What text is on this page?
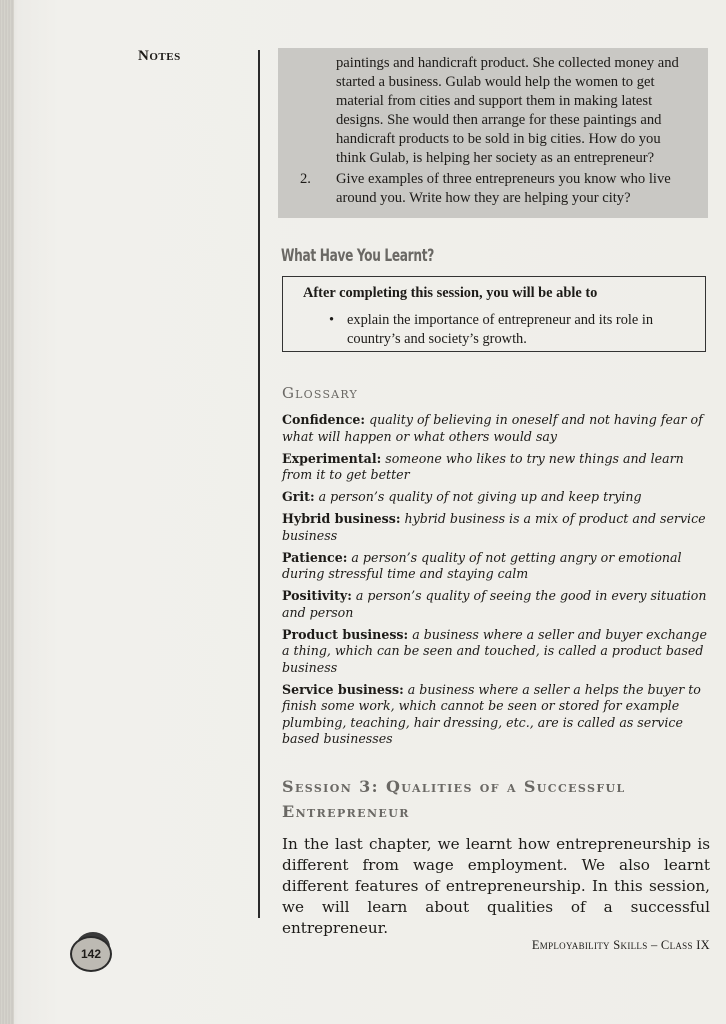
Notes	paintings and handicraft product. She collected money and started a business. Gulab would help the women to get material from cities and support them in making latest designs. She would then arrange for these paintings and handicraft products to be sold in big cities. How do you think Gulab, is helping her society as an entrepreneur?
2.	Give examples of three entrepreneurs you know who live around you. Write how they are helping your city?
What Have You Learnt?
After completing this session, you will be able to
• explain the importance of entrepreneur and its role in country’s and society’s growth.
Glossary
Confidence: quality of believing in oneself and not having fear of what will happen or what others would say
Experimental: someone who likes to try new things and learn from it to get better
Grit: a person’s quality of not giving up and keep trying
Hybrid business: hybrid business is a mix of product and service business
Patience: a person’s quality of not getting angry or emotional during stressful time and staying calm
Positivity: a person’s quality of seeing the good in every situation and person
Product business: a business where a seller and buyer exchange a thing, which can be seen and touched, is called a product based business
Service business: a business where a seller a helps the buyer to finish some work, which cannot be seen or stored for example plumbing, teaching, hair dressing, etc., are is called as service based businesses
Session 3: Qualities of a Successful Entrepreneur
In the last chapter, we learnt how entrepreneurship is different from wage employment. We also learnt different features of entrepreneurship. In this session, we will learn about qualities of a successful entrepreneur.
142
Employability Skills – Class IX
